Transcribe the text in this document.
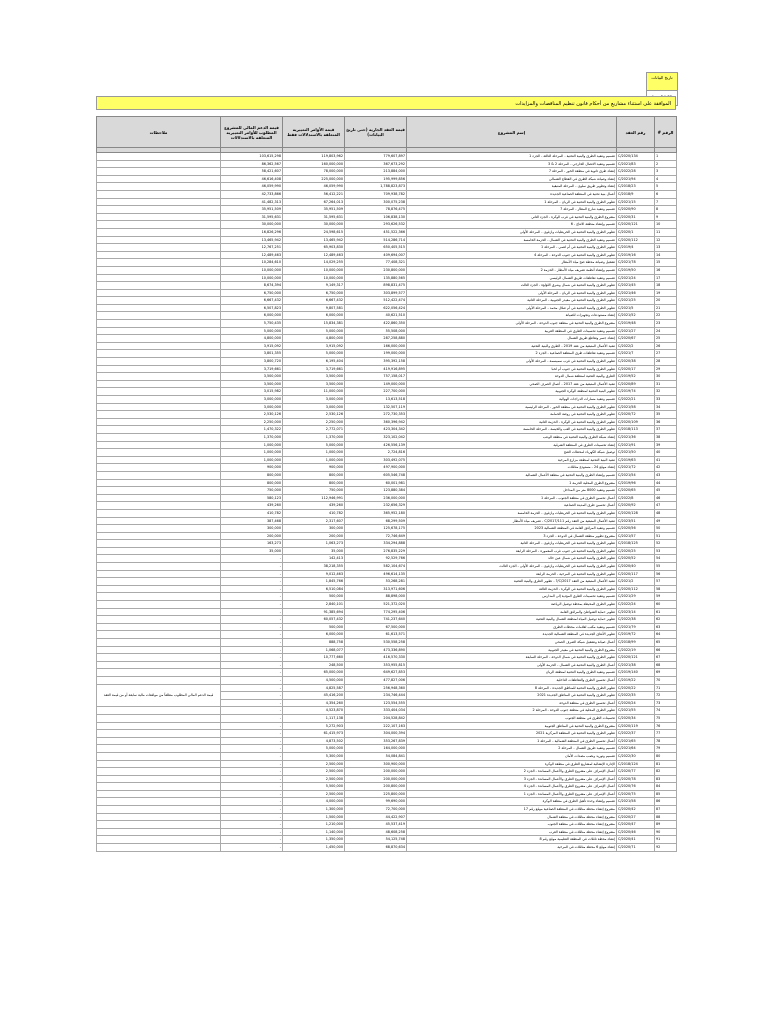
تاريخ البيانات
الموافقة على استثناء مشاريع من أحكام قانون تنظيم المناقصات والمزايدات
الرقم #	رقم العقد	إسم المشروع	قيمة العقد الجارية (حتى تاريخ البيانات)	قيمة الأوامر التغييرية المتعلقة بالاستدلالات فقط	قيمة الدعم المالي للمشروع المطلوب للأوامر التغييرية المتعلقة بالاستدلالات	ملاحظات

1	C/2020/134	تصميم وتنفيذ الطرق والبنية التحتية - المرحلة الثالثة - الجزء 1	779,607,897	119,803,962	103,615,298	
2	C/2021/83	تصميم وتنفيذ الاتصال الخارجي - المرحلة 2 & 3	367,673,292	160,000,000	86,362,567	
3	C/2022/28	إنشاء طرق ثانوية في منطقة الخور - المرحلة 7	213,884,000	78,000,000	58,421,607	
4	C/2021/94	إنشاء وصيانة شبكة الطرق في القطاع الشمالي	195,999,856	225,000,000	46,616,408	
5	C/2018/23	إنشاء وتطوير طريق سلوى - المرحلة المتبقية	1,788,823,873	46,059,990	46,059,990	
6	C/2018/9	أعمال بنية تحتية في المنطقة الصناعية الجديدة	709,938,782	56,412,221	42,733,866	
7	C/2021/15	تطوير الطرق والبنية التحتية في الريان - المرحلة 1	300,075,238	67,264,013	41,482,313	
8	C/2020/90	تصميم وتنفيذ شارع المطار - المرحلة 7	78,876,475	35,951,509	35,951,509	
9	C/2020/31	مشروع الطرق والبنية التحتية في غرب الوكرة - الجزء الثاني	106,838,130	31,595,631	31,595,631	
10	C/2020/121	تصميم وإنشاء منطقة الانتاج - 6	293,626,532	30,000,000	30,000,000	
11	C/2020/1	تطوير الطرق والبنية التحتية في الخريطيات وازغوى - المرحلة الأولى	451,522,366	24,598,615	16,826,296	
12	C/2020/112	تصميم وتنفيذ الطرق والبنية التحتية في الشمال - الحزمة الخامسة	514,286,714	13,465,942	13,465,942	
13	C/2019/4	تطوير الطرق والبنية التحتية في أم لعمي - المرحلة 1	650,405,515	65,903,830	12,767,251	
14	C/2019/16	تطوير الطرق والبنية التحتية في جنوب الدوحة - المرحلة 4	409,694,007	12,489,463	12,489,463	
15	C/2021/78	تشغيل وصيانة محطة ضخ مياه الأمطار	77,408,321	14,029,255	10,284,610	
16	C/2019/50	تصميم وإنشاء أنظمة تصريف مياه الأمطار - الحزمة 2	230,800,000	10,000,000	10,000,000	
17	C/2021/24	تصميم وتنفيذ تقاطعات طريق الشمال الرئيسي	135,880,565	10,000,000	10,000,000	
18	C/2021/45	تطوير الطرق والبنية التحتية في شمال وشرق اللؤلؤة - الجزء الثالث	898,831,475	9,149,317	8,674,394	
19	C/2021/46	تطوير الطرق والبنية التحتية في الريان - المرحلة الأولى	303,899,577	6,750,000	6,750,000	
20	C/2021/25	تطوير الطرق والبنية التحتية في معيذر الجنوبية - المرحلة الثانية	512,422,474	6,667,432	6,667,432	
21	C/2021/5	تطوير الطرق والبنية التحتية في أم صلال محمد - المرحلة الأولى	622,056,424	9,807,581	6,507,823	
22	C/2021/52	إنشاء مستودعات وتجهيزات للصيانة	40,621,510	6,000,000	6,000,000	
23	C/2019/48	مشروع الطرق والبنية التحتية في منطقة جنوب الدوحة - المرحلة الأولى	422,860,350	15,834,381	5,750,435	
24	C/2021/27	تصميم وتنفيذ تحسينات الطرق في المنطقة الغربية	55,508,000	5,000,000	5,000,000	
25	C/2020/67	إنشاء جسر وتقاطع طريق الشمال	287,258,880	4,800,000	4,800,000	
26	C/2022/2	تنفيذ الأعمال المتبقية من عقد 2019 - الطرق والبنية التحتية	166,000,000	3,915,092	3,915,092	
27	C/2021/7	تصميم وتنفيذ تقاطعات طرق المنطقة الصناعية - الجزء 2	199,000,000	5,000,000	3,801,355	
28	C/2020/38	تطوير الطرق والبنية التحتية في غرب سميسمة - المرحلة الأولى	395,392,158	6,195,404	3,800,720	
29	C/2020/17	تطوير الطرق والبنية التحتية في جنوب أم لخبا	419,916,895	3,719,661	3,719,661	
30	C/2019/52	الطرق والبنية التحتية لمنطقة شمال الدوحة	757,158,017	3,500,000	3,500,000	
31	C/2020/89	تنفيذ الأعمال المتبقية من عقد 2017 - أعمال الصرف الصحي	149,000,000	3,500,000	3,500,000	
32	C/2019/74	تطوير البنية التحتية لمنطقة الوكرة الجنوبية	227,700,000	11,000,000	3,015,982	
33	C/2022/21	تصميم وتنفيذ مسارات الدراجات الهوائية	13,613,518	3,000,000	3,000,000	
34	C/2021/58	تطوير الطرق والبنية التحتية في منطقة الخور - المرحلة الرئيسية	132,507,119	3,000,000	3,000,000	
35	C/2020/72	تطوير الطرق والبنية التحتية في روضة الحمامة	272,730,353	2,530,126	2,530,126	
36	C/2020/109	تطوير الطرق والبنية التحتية في الوكرة - الحزمة الثانية	360,396,942	2,250,000	2,250,000	
37	C/2018/113	تطوير الطرق والبنية التحتية في العب والخيسة - المرحلة الخامسة	423,304,342	2,772,071	1,470,322	
38	C/2021/36	إنشاء شبكة الطرق والبنية التحتية في منطقة الوعب	323,102,042	1,370,000	1,370,000	
39	C/2021/91	إنشاء تحسينات الطرق في المنطقة الشرقية	426,556,139	5,000,000	1,000,000	
40	C/2021/50	توصيل شبكة الكهرباء لمحطات الضخ	2,724,816	1,000,000	1,000,000	
41	C/2019/63	تنفيذ البنية التحتية لمنطقة مزارع المرخية	303,492,075	1,000,000	1,000,000	
42	C/2021/72	إنشاء موقع 24 - مستودع مناقلات	497,900,000	900,000	900,000	
43	C/2021/54	تصميم وإنشاء الطرق والبنية التحتية في منطقة الأعمال الشمالية	605,546,748	800,000	800,000	
44	C/2019/96	مشروع الطرق المحلية الحزمة 1	60,001,981	800,000	800,000	
45	C/2020/65	تصميم وتنفيذ 8000 متر من المداخل	123,880,384	750,000	750,000	
46	C/2022/8	أعمال تحسين الطرق في منطقة الجنوب - المرحلة 1	236,000,000	112,946,991	580,123	
47	C/2020/92	أعمال تحسين طرق المدينة الصناعية	232,656,329	439,260	439,260	
48	C/2020/128	تطوير الطرق والبنية التحتية في الخريطيات وازغوى - الحزمة الخامسة	365,952,180	410,782	410,782	
49	C/2023/51	تنفيذ الأعمال المتبقية من العقد رقم C/2017/111 - تصريف مياه الأمطار	68,299,509	2,317,607	387,468	
50	C/2020/56	تصميم وتنفيذ المرافق العامة في المنطقة الشمالية 2023	125,678,175	300,000	300,000	
51	C/2021/57	مشروع تطوير منطقة الشمال في الدوحة - الجزء 3	72,746,649	200,000	200,000	
52	C/2018/125	تطوير الطرق والبنية التحتية في الخريطيات وازغوى - المرحلة الثانية	334,294,888	1,063,273	163,273	
53	C/2020/25	تطوير الطرق والبنية التحتية في جنوب غرب المعمورة - المرحلة الرابعة	276,835,229	35,000	35,000	
54	C/2020/52	تطوير الطرق والبنية التحتية في شمال عين خالد	92,529,766	142,413	-	
55	C/2020/40	تطوير الطرق والبنية التحتية في الخريطيات وازغوى - المرحلة الأولى - الجزء الثالث	582,104,674	38,218,355	-	
56	C/2020/117	تطوير الطرق والبنية التحتية في المرخية - الحزمة الرابعة	496,614,135	9,012,463	-	
57	C/2021/2	تنفيذ الأعمال المتبقية من العقد C/2017/? - تطوير الطرق والبنية التحتية	53,268,281	1,845,766	-	
58	C/2020/112	تطوير الطرق والبنية التحتية في الوكرة - الحزمة الثالثة	313,971,606	6,510,084	-	
59	C/2021/29	تصميم وتنفيذ تحسينات الطرق المؤدية إلى المدارس	88,898,000	500,000	-	
60	C/2022/24	تطوير الطرق المحيطة بمحطة توصيل الرياضة	521,372,020	2,840,101	-	
61	C/2023/14	تطوير حماية الشواطئ والمرافق العامة	774,295,406	91,385,694	-	
62	C/2022/38	تطوير حماية توصيل المياه لمنطقة الشمال والبنية التحتية	741,237,640	60,057,432	-	
63	C/2021/79	تصميم وتنفيذ مكتب لعلامات محطات الطرق	67,500,000	500,000	-	
64	C/2019/72	تطوير الأنفاق الجديدة في المنطقة الشمالية الجديدة	61,613,571	6,000,000	-	
65	C/2018/99	أعمال صيانة وتشغيل شبكة الصرف الصحي	530,558,258	888,758	-	
66	C/2022/19	مشروع الطرق والبنية التحتية في معيذر الجنوبية	473,336,890	1,068,077	-	
67	C/2020/121	تطوير الطرق والبنية التحتية في شمال الدوحة - المرحلة السابعة	416,570,330	10,777,660	-	
68	C/2021/38	أعمال الطرق والبنية التحتية في الشمال - الحزمة الأولى	353,955,815	248,500	-	
69	C/2019/140	تصميم وتنفيذ الطرق والبنية التحتية لمنطقة الريان	649,627,853	65,000,000	-	
70	C/2019/22	أعمال تحسين الطرق والتقاطعات الداخلية	477,827,006	4,500,000	-	
71	C/2020/22	تطوير الطرق والبنية التحتية للمناطق الجديدة - المرحلة 8	256,948,360	4,825,587	-	قيمة الدعم المالي المطلوب مطلقاً من موافقات مالية سابقة أو من قيمة العقد
72	C/2022/35	تطوير الطرق والبنية التحتية في المناطق الجديدة 2021	234,746,444	45,416,200	-	
73	C/2020/24	أعمال تحسين الطرق في منطقة الدوحة	123,554,555	4,354,260	-	
74	C/2021/55	تطوير الطرق المحلية في منطقة جنوب الدوحة - المرحلة 2	333,404,034	4,523,870	-	
75	C/2020/34	تحسينات الطرق في منطقة الجنوب	204,528,842	1,117,138	-	
76	C/2020/119	مشروع الطرق والبنية التحتية في المناطق الجنوبية	222,107,163	5,272,903	-	
77	C/2022/37	تطوير الطرق والبنية التحتية في المنطقة المركزية 2021	304,000,394	61,415,973	-	
78	C/2021/65	أعمال تحسين الطرق في المنطقة الشمالية - المرحلة 1	353,267,839	4,873,502	-	
79	C/2021/64	تصميم وتنفيذ طريق الشمال - المرحلة 2	164,000,000	5,000,000	-	
80	C/2022/30	تصميم وتوريد ونصب مصدات الأمان	54,084,841	5,300,000	-	
81	C/2018/124	الإدارة الإنشائية لمشاريع الطرق في منطقة الوكرة	300,900,000	2,500,000	-	
82	C/2020/77	أعمال الإشراف على مشروع الطرق والأعمال المساندة - الجزء 2	200,000,000	2,500,000	-	
83	C/2020/78	أعمال الإشراف على مشروع الطرق والأعمال المساندة - الجزء 3	200,000,000	2,500,000	-	
84	C/2020/76	أعمال الإشراف على مشروع الطرق والأعمال المساندة - الجزء 4	200,800,000	5,500,000	-	
85	C/2020/75	أعمال الإشراف على مشروع الطرق والأعمال المساندة - الجزء 1	225,800,000	2,500,000	-	
86	C/2021/58	تصميم وإنشاء وحدة تأهيل الطرق في منطقة الوكرة	99,690,000	4,000,000	-	
87	C/2020/42	مشروع إنشاء محطة مناقلات في المنطقة الصناعية موقع رقم 17	72,700,000	1,300,000	-	
88	C/2020/27	مشروع إنشاء محطة مناقلات في منطقة الشمال	44,422,907	1,500,000	-	
89	C/2020/47	مشروع إنشاء محطة مناقلات في منطقة الجنوب	45,537,419	1,210,000	-	
90	C/2020/46	مشروع إنشاء محطة مناقلات في منطقة الغرب	48,608,258	1,140,000	-	
91	C/2020/41	إنشاء محطة ناقلات في المنطقة التعليمية موقع رقم 8	54,125,748	1,350,000	-	
92	C/2020/71	إنشاء موقع 6 محطة مناقلات في المرخية	68,870,634	1,450,000	-	
